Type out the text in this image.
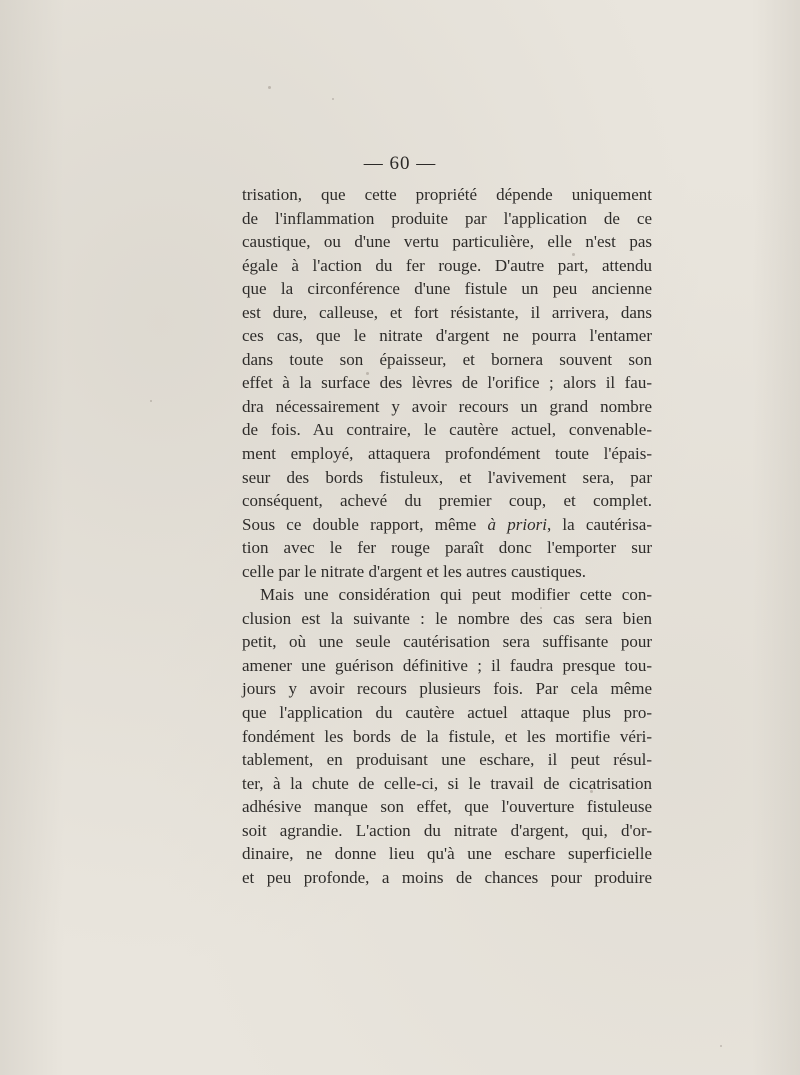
— 60 —
trisation, que cette propriété dépende uniquement
de l'inflammation produite par l'application de ce
caustique, ou d'une vertu particulière, elle n'est pas
égale à l'action du fer rouge. D'autre part, attendu
que la circonférence d'une fistule un peu ancienne
est dure, calleuse, et fort résistante, il arrivera, dans
ces cas, que le nitrate d'argent ne pourra l'entamer
dans toute son épaisseur, et bornera souvent son
effet à la surface des lèvres de l'orifice ; alors il fau-
dra nécessairement y avoir recours un grand nombre
de fois. Au contraire, le cautère actuel, convenable-
ment employé, attaquera profondément toute l'épais-
seur des bords fistuleux, et l'avivement sera, par
conséquent, achevé du premier coup, et complet.
Sous ce double rapport, même à priori, la cautérisa-
tion avec le fer rouge paraît donc l'emporter sur
celle par le nitrate d'argent et les autres caustiques.
Mais une considération qui peut modifier cette con-
clusion est la suivante : le nombre des cas sera bien
petit, où une seule cautérisation sera suffisante pour
amener une guérison définitive ; il faudra presque tou-
jours y avoir recours plusieurs fois. Par cela même
que l'application du cautère actuel attaque plus pro-
fondément les bords de la fistule, et les mortifie véri-
tablement, en produisant une eschare, il peut résul-
ter, à la chute de celle-ci, si le travail de cicatrisation
adhésive manque son effet, que l'ouverture fistuleuse
soit agrandie. L'action du nitrate d'argent, qui, d'or-
dinaire, ne donne lieu qu'à une eschare superficielle
et peu profonde, a moins de chances pour produire
